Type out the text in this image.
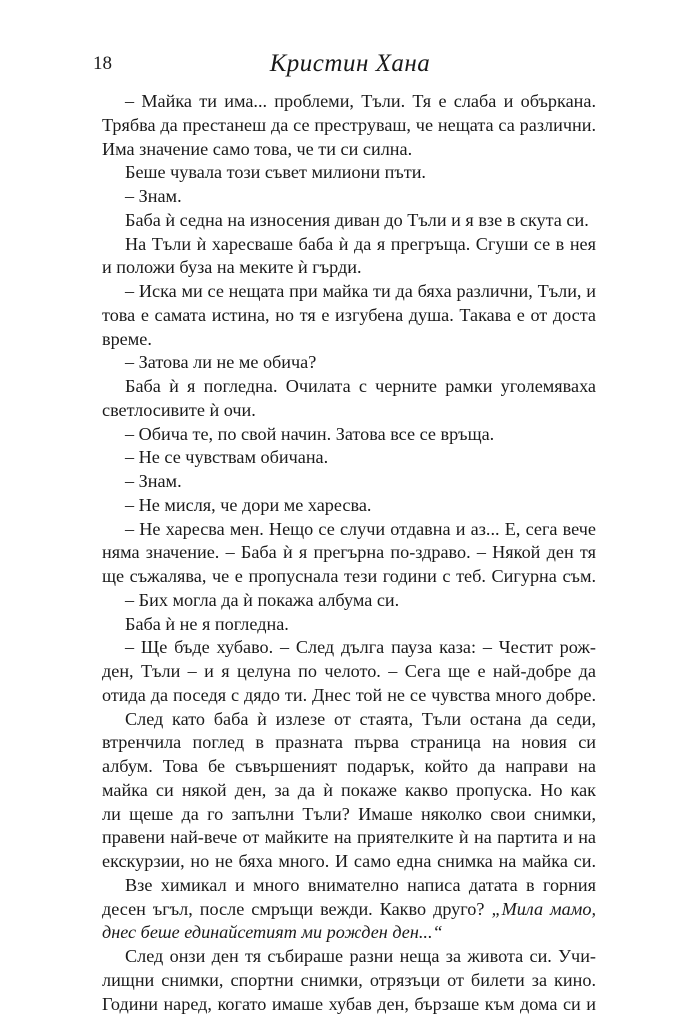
18	Кристин Хана
– Майка ти има... проблеми, Тъли. Тя е слаба и объркана.
Трябва да престанеш да се преструваш, че нещата са различни.
Има значение само това, че ти си силна.
Беше чувала този съвет милиони пъти.
– Знам.
Баба ѝ седна на износения диван до Тъли и я взе в скута си.
На Тъли ѝ харесваше баба ѝ да я прегръща. Сгуши се в нея
и положи буза на меките ѝ гърди.
– Иска ми се нещата при майка ти да бяха различни, Тъли, и
това е самата истина, но тя е изгубена душа. Такава е от доста
време.
– Затова ли не ме обича?
Баба ѝ я погледна. Очилата с черните рамки уголемяваха
светлосивите ѝ очи.
– Обича те, по свой начин. Затова все се връща.
– Не се чувствам обичана.
– Знам.
– Не мисля, че дори ме харесва.
– Не харесва мен. Нещо се случи отдавна и аз... Е, сега вече
няма значение. – Баба ѝ я прегърна по-здраво. – Някой ден тя
ще съжалява, че е пропуснала тези години с теб. Сигурна съм.
– Бих могла да ѝ покажа албума си.
Баба ѝ не я погледна.
– Ще бъде хубаво. – След дълга пауза каза: – Честит рож-
ден, Тъли – и я целуна по челото. – Сега ще е най-добре да
отида да поседя с дядо ти. Днес той не се чувства много добре.
След като баба ѝ излезе от стаята, Тъли остана да седи,
втренчила поглед в празната първа страница на новия си
албум. Това бе съвършеният подарък, който да направи на
майка си някой ден, за да ѝ покаже какво пропуска. Но как
ли щеше да го запълни Тъли? Имаше няколко свои снимки,
правени най-вече от майките на приятелките ѝ на партита и на
екскурзии, но не бяха много. И само една снимка на майка си.
Взе химикал и много внимателно написа датата в горния
десен ъгъл, после смръщи вежди. Какво друго? „Мила мамо,
днес беше единайсетият ми рожден ден...“
След онзи ден тя събираше разни неща за живота си. Учи-
лищни снимки, спортни снимки, отрязъци от билети за кино.
Години наред, когато имаше хубав ден, бързаше към дома си и
